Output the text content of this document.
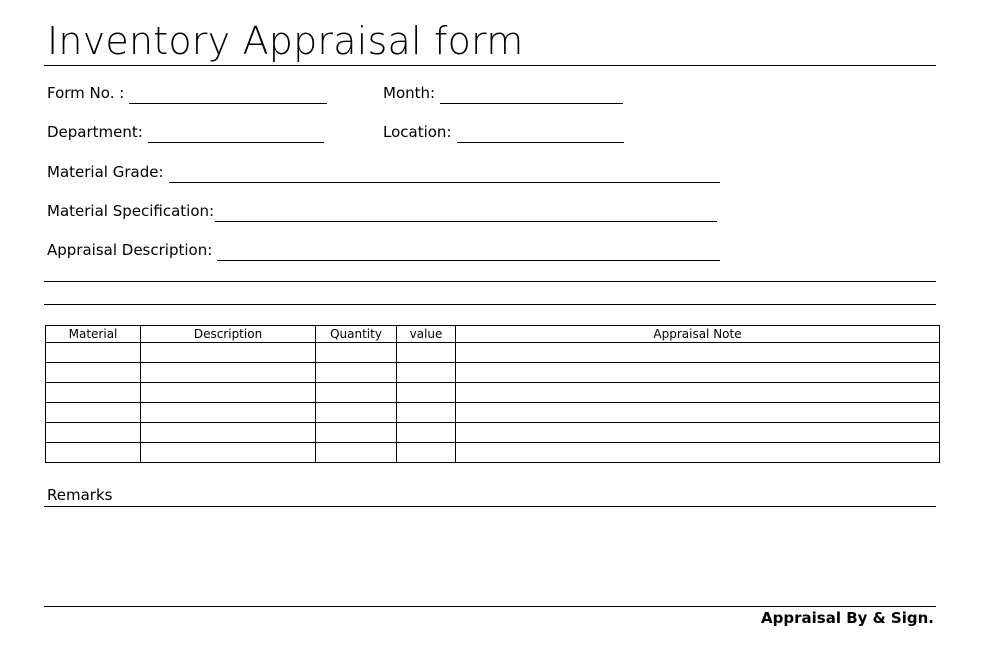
Inventory Appraisal form
Form No. :	Month:
Department:	Location:
Material Grade:
Material Specification:
Appraisal Description:
Material	Description	Quantity	value	Appraisal Note

Remarks
Appraisal By & Sign.
